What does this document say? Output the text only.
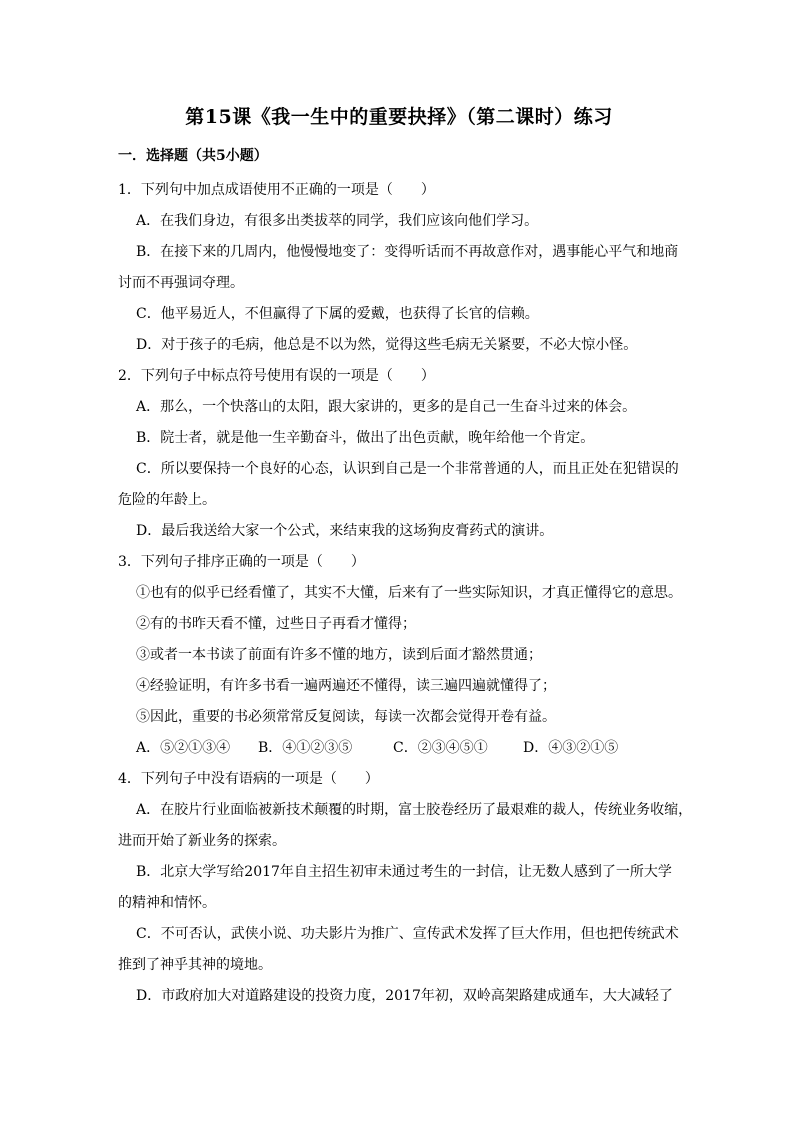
第15课《我一生中的重要抉择》（第二课时）练习
一．选择题（共5小题）
1．下列句中加点成语使用不正确的一项是（　　）
A．在我们身边，有很多出类拔萃的同学，我们应该向他们学习。
B．在接下来的几周内，他慢慢地变了：变得听话而不再故意作对，遇事能心平气和地商
讨而不再强词夺理。
C．他平易近人，不但赢得了下属的爱戴，也获得了长官的信赖。
D．对于孩子的毛病，他总是不以为然，觉得这些毛病无关紧要，不必大惊小怪。
2．下列句子中标点符号使用有误的一项是（　　）
A．那么，一个快落山的太阳，跟大家讲的，更多的是自己一生奋斗过来的体会。
B．院士者，就是他一生辛勤奋斗，做出了出色贡献，晚年给他一个肯定。
C．所以要保持一个良好的心态，认识到自己是一个非常普通的人，而且正处在犯错误的
危险的年龄上。
D．最后我送给大家一个公式，来结束我的这场狗皮膏药式的演讲。
3．下列句子排序正确的一项是（　　）
①也有的似乎已经看懂了，其实不大懂，后来有了一些实际知识，才真正懂得它的意思。
②有的书昨天看不懂，过些日子再看才懂得；
③或者一本书读了前面有许多不懂的地方，读到后面才豁然贯通；
④经验证明，有许多书看一遍两遍还不懂得，读三遍四遍就懂得了；
⑤因此，重要的书必须常常反复阅读，每读一次都会觉得开卷有益。
A．⑤②①③④ B．④①②③⑤	C．②③④⑤①	D．④③②①⑤
4．下列句子中没有语病的一项是（　　）
A．在胶片行业面临被新技术颠覆的时期，富士胶卷经历了最艰难的裁人，传统业务收缩，
进而开始了新业务的探索。
B．北京大学写给2017年自主招生初审未通过考生的一封信，让无数人感到了一所大学
的精神和情怀。
C．不可否认，武侠小说、功夫影片为推广、宣传武术发挥了巨大作用，但也把传统武术
推到了神乎其神的境地。
D．市政府加大对道路建设的投资力度，2017年初，双岭高架路建成通车，大大减轻了
